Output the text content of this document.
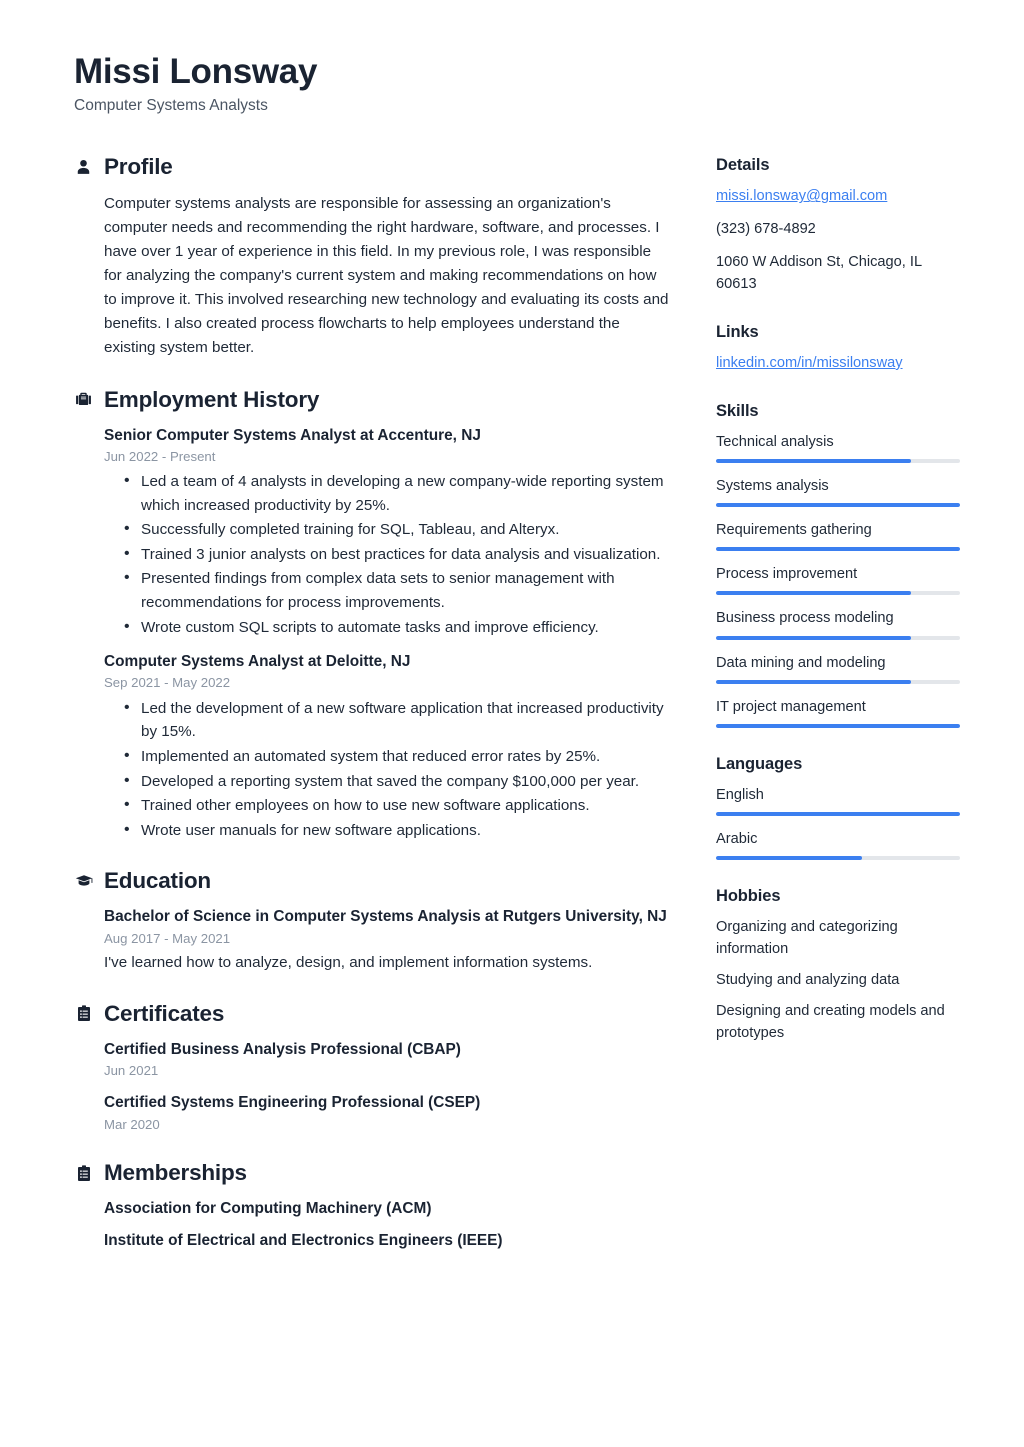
Missi Lonsway
Computer Systems Analysts
Profile
Computer systems analysts are responsible for assessing an organization's computer needs and recommending the right hardware, software, and processes. I have over 1 year of experience in this field. In my previous role, I was responsible for analyzing the company's current system and making recommendations on how to improve it. This involved researching new technology and evaluating its costs and benefits. I also created process flowcharts to help employees understand the existing system better.
Employment History
Senior Computer Systems Analyst at Accenture, NJ
Jun 2022 - Present
• Led a team of 4 analysts in developing a new company-wide reporting system which increased productivity by 25%.
• Successfully completed training for SQL, Tableau, and Alteryx.
• Trained 3 junior analysts on best practices for data analysis and visualization.
• Presented findings from complex data sets to senior management with recommendations for process improvements.
• Wrote custom SQL scripts to automate tasks and improve efficiency.
Computer Systems Analyst at Deloitte, NJ
Sep 2021 - May 2022
• Led the development of a new software application that increased productivity by 15%.
• Implemented an automated system that reduced error rates by 25%.
• Developed a reporting system that saved the company $100,000 per year.
• Trained other employees on how to use new software applications.
• Wrote user manuals for new software applications.
Education
Bachelor of Science in Computer Systems Analysis at Rutgers University, NJ
Aug 2017 - May 2021
I've learned how to analyze, design, and implement information systems.
Certificates
Certified Business Analysis Professional (CBAP)
Jun 2021
Certified Systems Engineering Professional (CSEP)
Mar 2020
Memberships
Association for Computing Machinery (ACM)
Institute of Electrical and Electronics Engineers (IEEE)
Details
missi.lonsway@gmail.com
(323) 678-4892
1060 W Addison St, Chicago, IL 60613
Links
linkedin.com/in/missilonsway
Skills
Technical analysis
Systems analysis
Requirements gathering
Process improvement
Business process modeling
Data mining and modeling
IT project management
Languages
English
Arabic
Hobbies
Organizing and categorizing information
Studying and analyzing data
Designing and creating models and prototypes
